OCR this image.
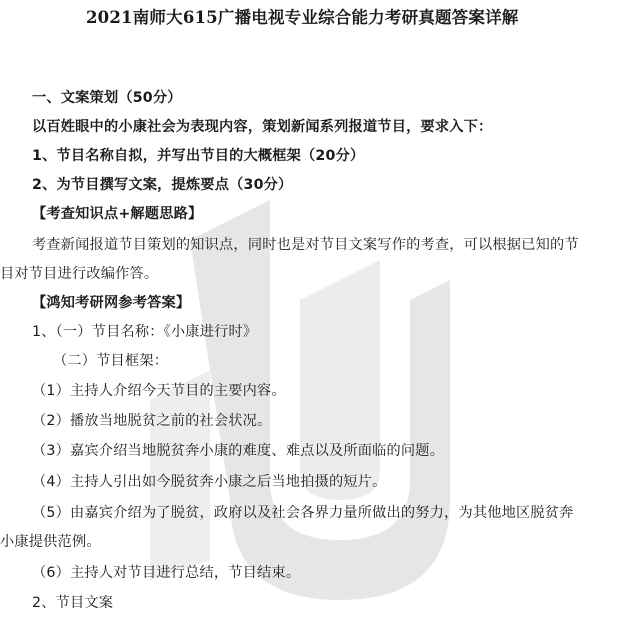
2021南师大615广播电视专业综合能力考研真题答案详解
一、文案策划（50分）
以百姓眼中的小康社会为表现内容，策划新闻系列报道节目，要求入下：
1、节目名称自拟，并写出节目的大概框架（20分）
2、为节目撰写文案，提炼要点（30分）
【考查知识点+解题思路】
考查新闻报道节目策划的知识点，同时也是对节目文案写作的考查，可以根据已知的节
目对节目进行改编作答。
【鸿知考研网参考答案】
1、（一）节目名称：《小康进行时》
（二）节目框架：
（1）主持人介绍今天节目的主要内容。
（2）播放当地脱贫之前的社会状况。
（3）嘉宾介绍当地脱贫奔小康的难度、难点以及所面临的问题。
（4）主持人引出如今脱贫奔小康之后当地拍摄的短片。
（5）由嘉宾介绍为了脱贫，政府以及社会各界力量所做出的努力，为其他地区脱贫奔
小康提供范例。
（6）主持人对节目进行总结，节目结束。
2、节目文案
